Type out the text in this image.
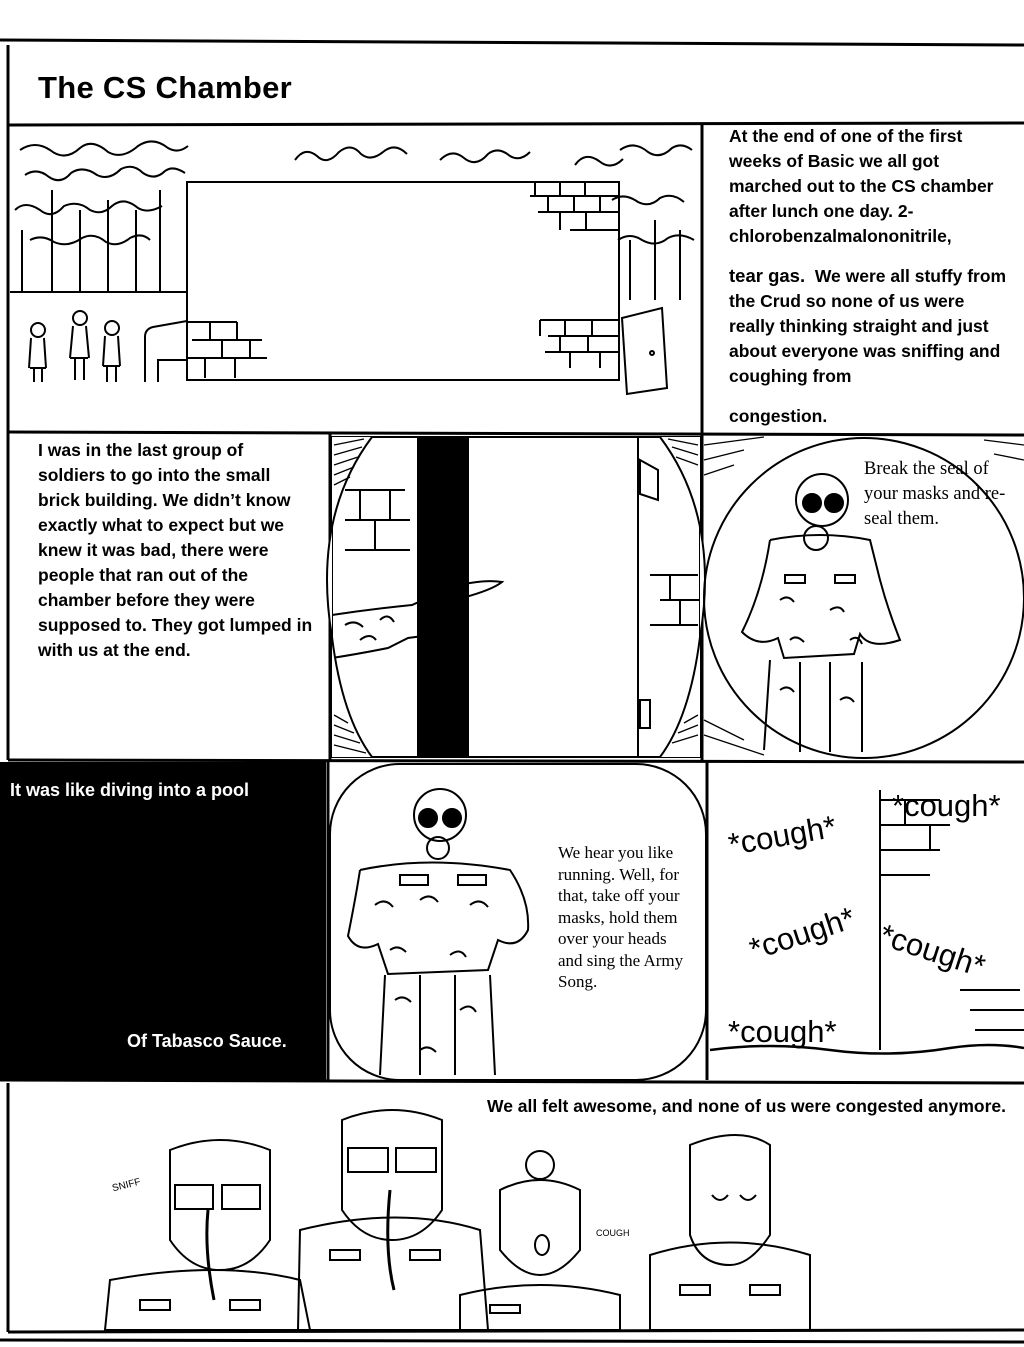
The CS Chamber
At the end of one of the first weeks of Basic we all got marched out to the CS chamber after lunch one day. 2-chlorobenzalmalononitrile,
tear gas. We were all stuffy from the Crud so none of us were really thinking straight and just about everyone was sniffing and coughing from
congestion.
I was in the last group of soldiers to go into the small brick building. We didn’t know exactly what to expect but we knew it was bad, there were people that ran out of the chamber before they were supposed to. They got lumped in with us at the end.
Break the seal of your masks and re-seal them.
It was like diving into a pool
Of Tabasco Sauce.
We hear you like running. Well, for that, take off your masks, hold them over your heads and sing the Army Song.
*cough*
*cough*
*cough* *cough*
*cough*
We all felt awesome, and none of us were congested anymore.
SNIFF
COUGH
